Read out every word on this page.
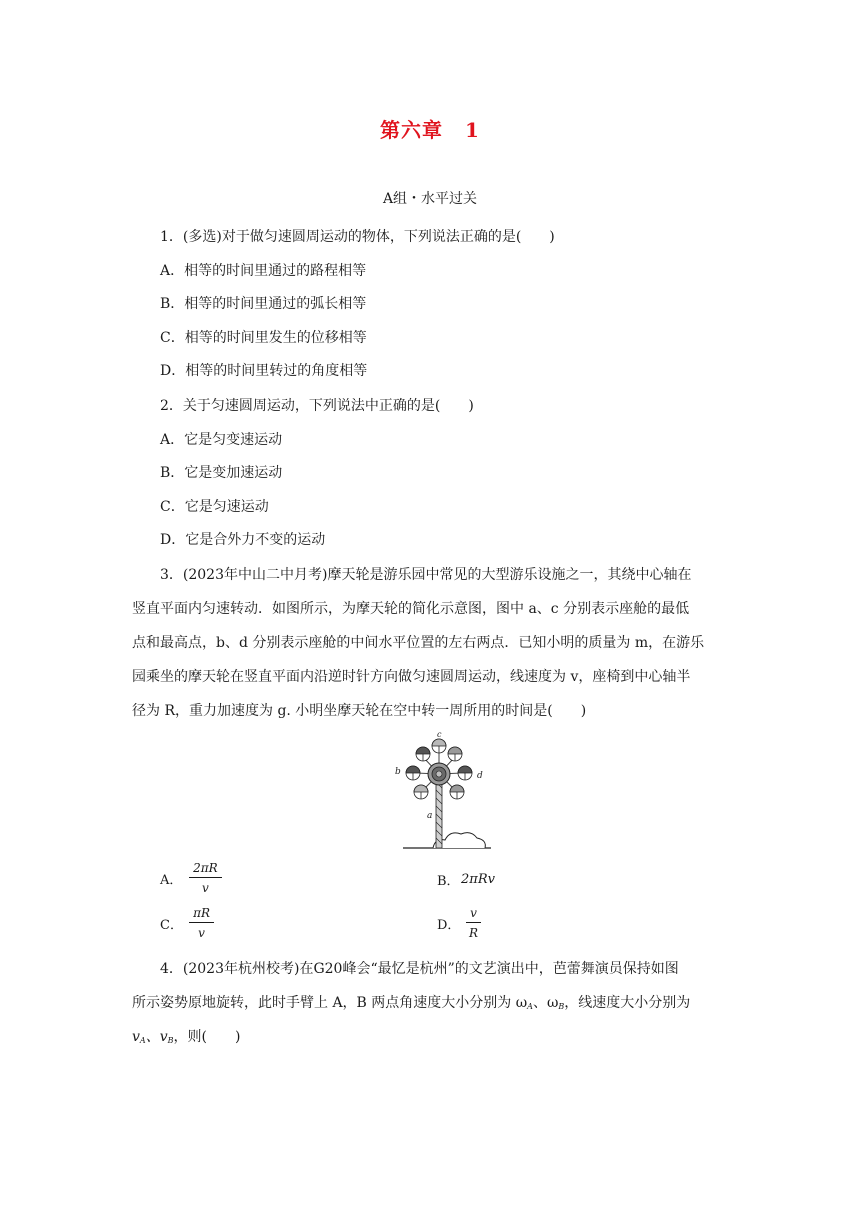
第六章 1
A组・水平过关
1．(多选)对于做匀速圆周运动的物体，下列说法正确的是(　　)
A．相等的时间里通过的路程相等
B．相等的时间里通过的弧长相等
C．相等的时间里发生的位移相等
D．相等的时间里转过的角度相等
2．关于匀速圆周运动，下列说法中正确的是(　　)
A．它是匀变速运动
B．它是变加速运动
C．它是匀速运动
D．它是合外力不变的运动
3．(2023年中山二中月考)摩天轮是游乐园中常见的大型游乐设施之一，其绕中心轴在
竖直平面内匀速转动．如图所示，为摩天轮的简化示意图，图中 a、c 分别表示座舱的最低
点和最高点，b、d 分别表示座舱的中间水平位置的左右两点．已知小明的质量为 m，在游乐
园乘坐的摩天轮在竖直平面内沿逆时针方向做匀速圆周运动，线速度为 v，座椅到中心轴半
径为 R，重力加速度为 g. 小明坐摩天轮在空中转一周所用的时间是(　　)
c
b	d
a
A． $\frac{2\pi R}{v}$	B．2πRv
C． $\frac{\pi R}{v}$	D． $\frac{v}{R}$
4．(2023年杭州校考)在G20峰会“最忆是杭州”的文艺演出中，芭蕾舞演员保持如图
所示姿势原地旋转，此时手臂上 A，B 两点角速度大小分别为 $\omega_A$、$\omega_B$，线速度大小分别为
$v_A$、$v_B$，则(　　)
